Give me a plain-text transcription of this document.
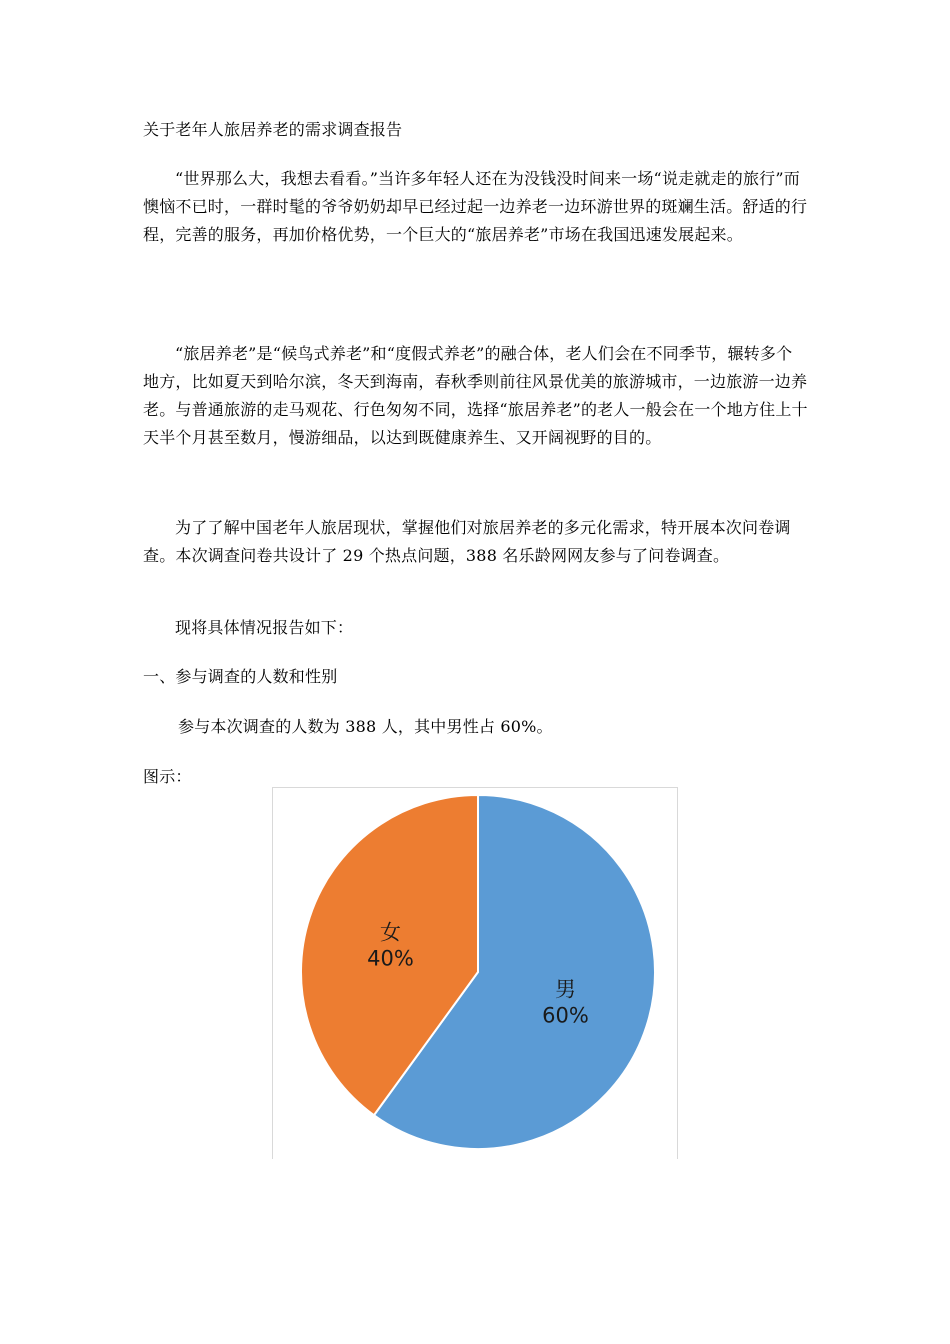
关于老年人旅居养老的需求调查报告

“世界那么大，我想去看看。”当许多年轻人还在为没钱没时间来一场“说走就走的旅行”而懊恼不已时，一群时髦的爷爷奶奶却早已经过起一边养老一边环游世界的斑斓生活。舒适的行程，完善的服务，再加价格优势，一个巨大的“旅居养老”市场在我国迅速发展起来。

“旅居养老”是“候鸟式养老”和“度假式养老”的融合体，老人们会在不同季节，辗转多个地方，比如夏天到哈尔滨，冬天到海南，春秋季则前往风景优美的旅游城市，一边旅游一边养老。与普通旅游的走马观花、行色匆匆不同，选择“旅居养老”的老人一般会在一个地方住上十天半个月甚至数月，慢游细品，以达到既健康养生、又开阔视野的目的。

为了了解中国老年人旅居现状，掌握他们对旅居养老的多元化需求，特开展本次问卷调查。本次调查问卷共设计了 29 个热点问题，388 名乐龄网网友参与了问卷调查。

现将具体情况报告如下：

一、参与调查的人数和性别

参与本次调查的人数为 388 人，其中男性占 60%。

图示：

男
60%
女
40%
